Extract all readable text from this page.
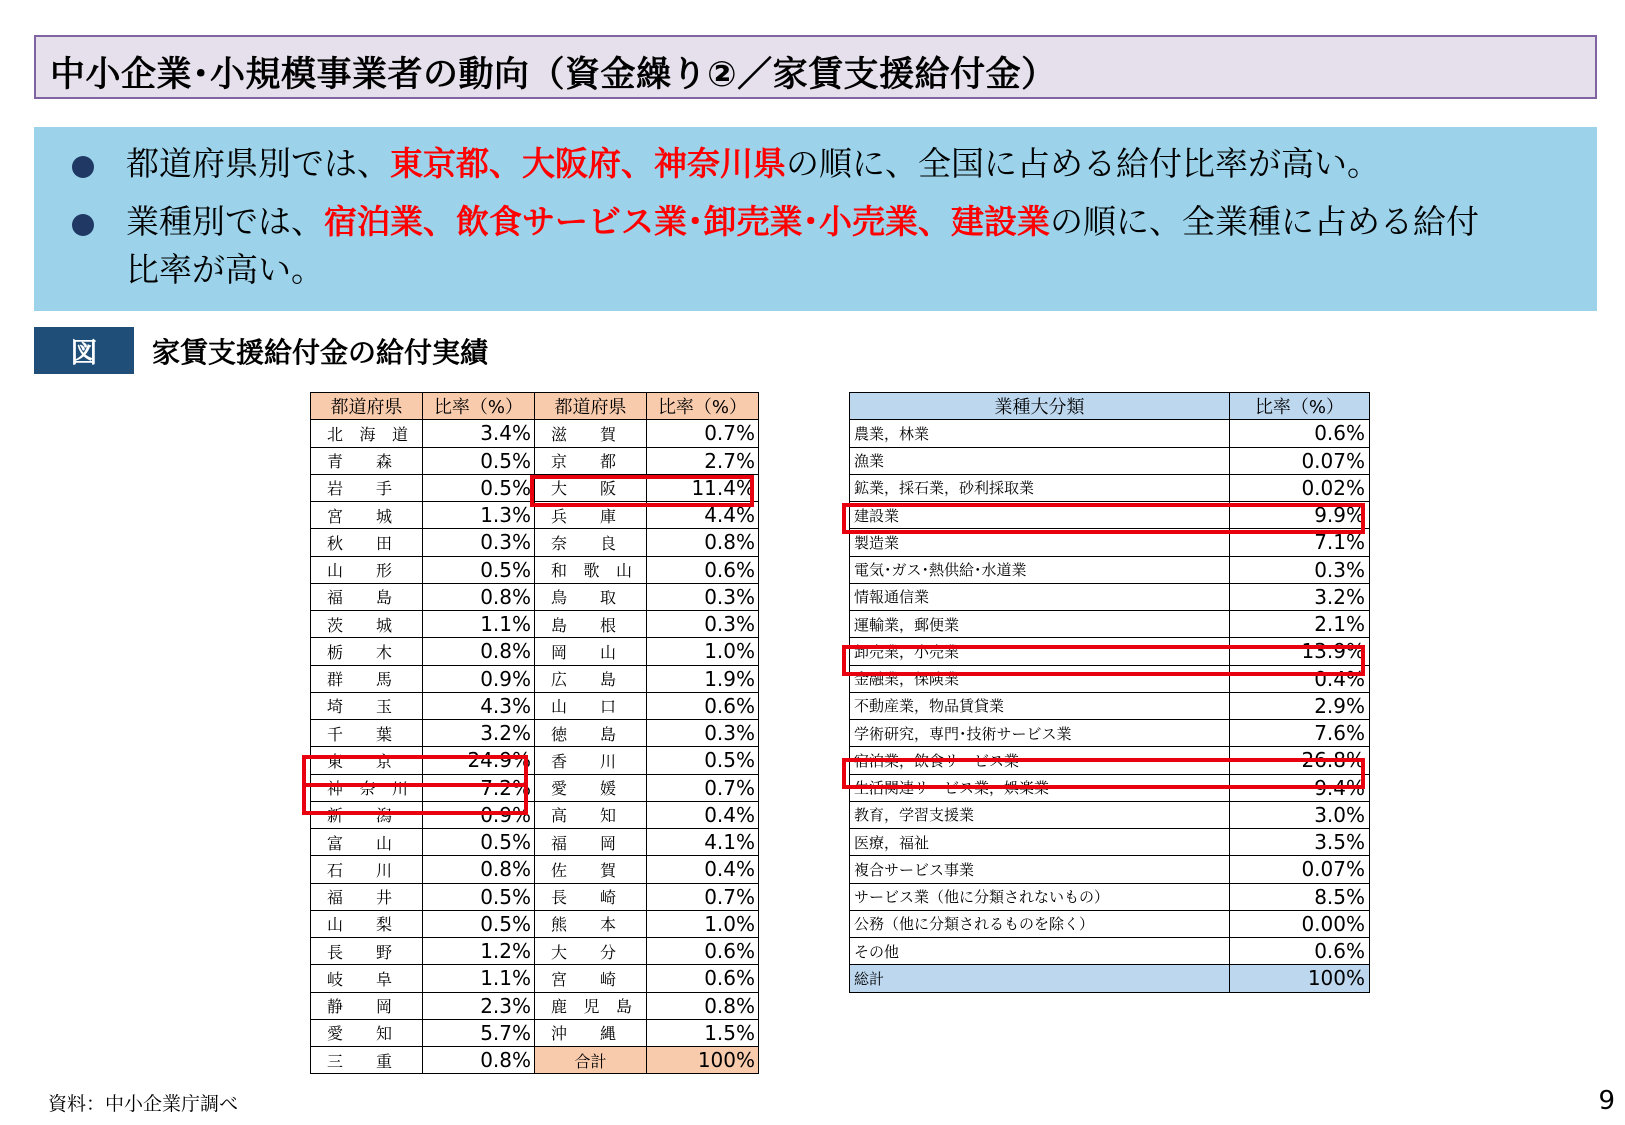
中小企業･小規模事業者の動向（資金繰り②／家賃支援給付金）
都道府県別では、東京都、大阪府、神奈川県の順に、全国に占める給付比率が高い。
業種別では、宿泊業、飲食サービス業･卸売業･小売業、建設業の順に、全業種に占める給付
比率が高い。
図	家賃支援給付金の給付実績
都道府県	比率（%）	都道府県	比率（%）

北 海 道	3.4%	滋 賀	0.7%

青 森	0.5%	京 都	2.7%

岩 手	0.5%	大 阪	11.4%

宮 城	1.3%	兵 庫	4.4%

秋 田	0.3%	奈 良	0.8%

山 形	0.5%	和 歌 山	0.6%

福 島	0.8%	鳥 取	0.3%

茨 城	1.1%	島 根	0.3%

栃 木	0.8%	岡 山	1.0%

群 馬	0.9%	広 島	1.9%

埼 玉	4.3%	山 口	0.6%

千 葉	3.2%	徳 島	0.3%

東 京	24.9%	香 川	0.5%

神 奈 川	7.2%	愛 媛	0.7%

新 潟	0.9%	高 知	0.4%

富 山	0.5%	福 岡	4.1%

石 川	0.8%	佐 賀	0.4%

福 井	0.5%	長 崎	0.7%

山 梨	0.5%	熊 本	1.0%

長 野	1.2%	大 分	0.6%

岐 阜	1.1%	宮 崎	0.6%

静 岡	2.3%	鹿 児 島	0.8%

愛 知	5.7%	沖 縄	1.5%

三 重	0.8%	合計	100%
業種大分類	比率（%）
農業，林業	0.6%
漁業	0.07%
鉱業，採石業，砂利採取業	0.02%
建設業	9.9%
製造業	7.1%
電気･ガス･熱供給･水道業	0.3%
情報通信業	3.2%
運輸業，郵便業	2.1%
卸売業，小売業	13.9%
金融業，保険業	0.4%
不動産業，物品賃貸業	2.9%
学術研究，専門･技術サービス業	7.6%
宿泊業，飲食サービス業	26.8%
生活関連サービス業，娯楽業	9.4%
教育，学習支援業	3.0%
医療，福祉	3.5%
複合サービス事業	0.07%
サービス業（他に分類されないもの）	8.5%
公務（他に分類されるものを除く）	0.00%
その他	0.6%
総計	100%
資料：中小企業庁調べ	9
